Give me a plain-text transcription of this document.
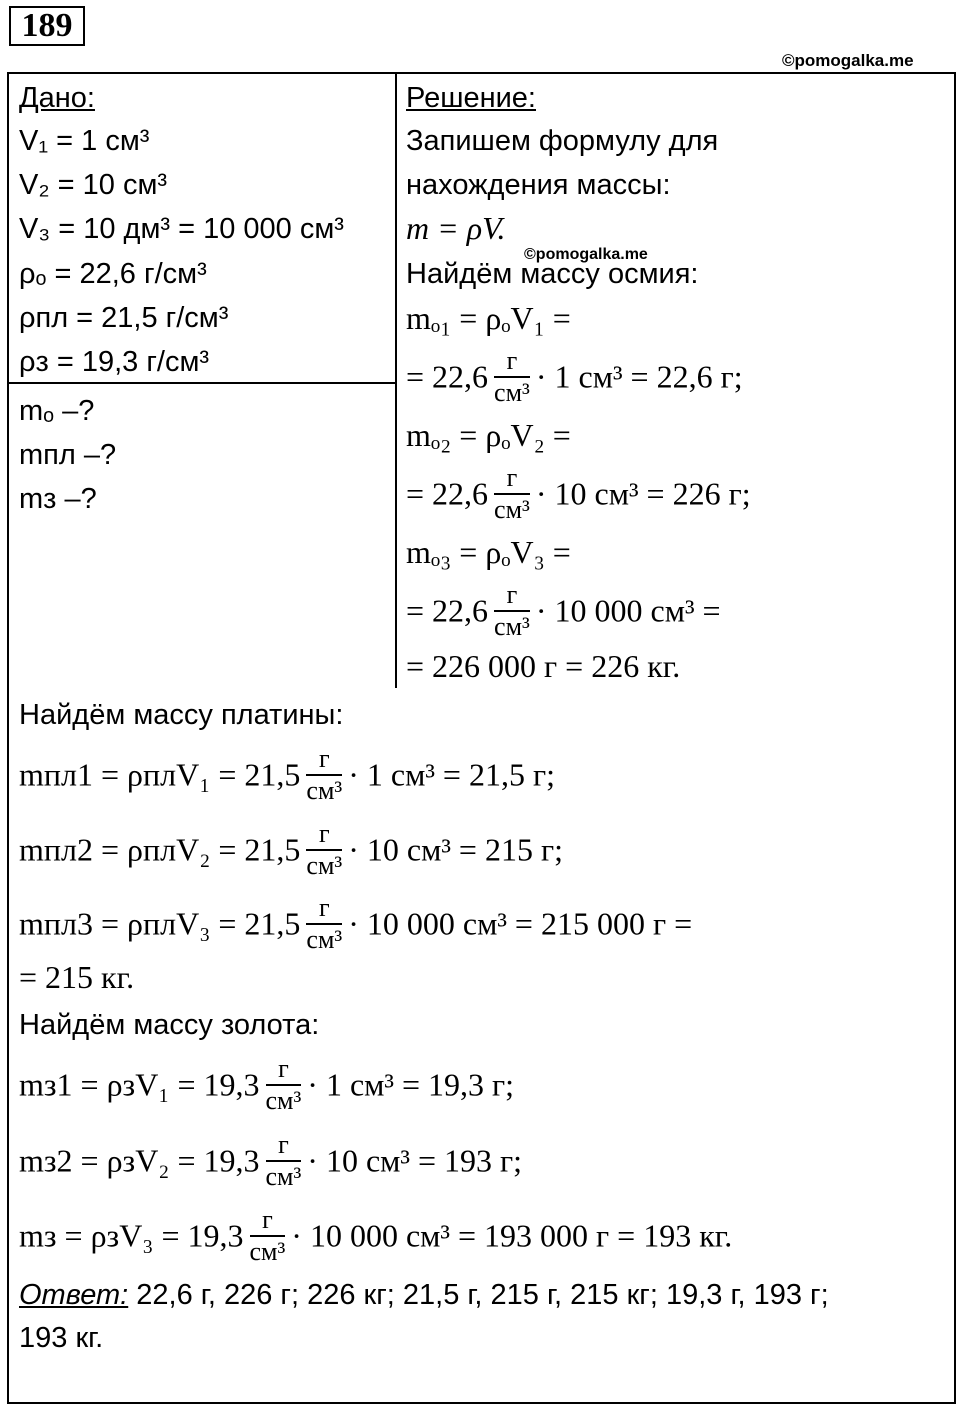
189
©pomogalka.me
Дано:
V₁ = 1 см³
V₂ = 10 см³
V₃ = 10 дм³ = 10 000 см³
ρₒ = 22,6 г/см³
ρпл = 21,5 г/см³
ρз = 19,3 г/см³
mₒ –?
mпл –?
mз –?
Решение:
Запишем формулу для
нахождения массы:
m = ρV.
©pomogalka.me
Найдём массу осмия:
mₒ₁ = ρₒV₁ =
= $22,6 \frac{г}{\text{см³}} \cdot 1$ см³ = 22,6 г;
mₒ₂ = ρₒV₂ =
= $22,6 \frac{г}{\text{см³}} \cdot 10$ см³ = 226 г;
mₒ₃ = ρₒV₃ =
= $22,6 \frac{г}{\text{см³}} \cdot 10$ 000 см³ =
= 226 000 г = 226 кг.
Найдём массу платины:
$mпл1 = \rho плV_1 = 21,5 \frac{г}{\text{см³}} \cdot 1$ см³ = 21,5 г;
$mпл2 = \rho плV_2 = 21,5 \frac{г}{\text{см³}} \cdot 10$ см³ = 215 г;
$mпл3 = \rho плV_3 = 21,5 \frac{г}{\text{см³}} \cdot 10$ 000 см³ = 215 000 г =
= 215 кг.
Найдём массу золота:
$mз1 = \rho зV_1 = 19,3 \frac{г}{\text{см³}} \cdot 1$ см³ = 19,3 г;
$mз2 = \rho зV_2 = 19,3 \frac{г}{\text{см³}} \cdot 10$ см³ = 193 г;
mз = $\rho зV_3 = 19,3 \frac{г}{\text{см³}} \cdot 10$ 000 см³ = 193 000 г = 193 кг.
Ответ: 22,6 г, 226 г; 226 кг; 21,5 г, 215 г, 215 кг; 19,3 г, 193 г;
193 кг.
